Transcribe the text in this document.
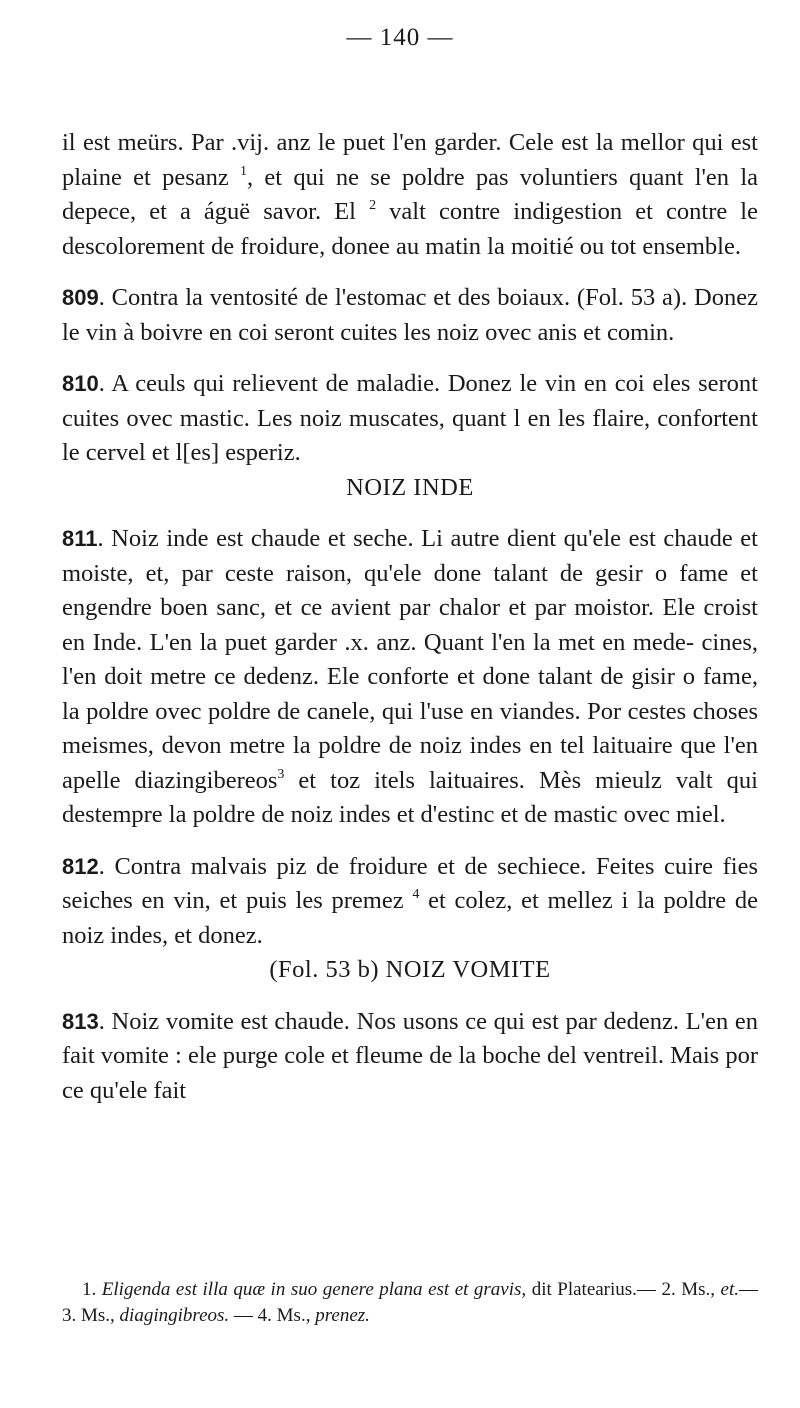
— 140 —

il est meürs. Par .vij. anz le puet l'en garder. Cele est la mellor qui est plaine et pesanz $^1$, et qui ne se poldre pas voluntiers quant l'en la depece, et a águë savor. El $^2$ valt contre indigestion et contre le descolorement de froidure, donee au matin la moitié ou tot ensemble.

809. Contra la ventosité de l'estomac et des boiaux. (Fol. 53 a). Donez le vin à boivre en coi seront cuites les noiz ovec anis et comin.

810. A ceuls qui relievent de maladie. Donez le vin en coi eles seront cuites ovec mastic. Les noiz muscates, quant l en les flaire, confortent le cervel et l[es] esperiz.

NOIZ INDE

811. Noiz inde est chaude et seche. Li autre dient qu'ele est chaude et moiste, et, par ceste raison, qu'ele done talant de gesir o fame et engendre boen sanc, et ce avient par chalor et par moistor. Ele croist en Inde. L'en la puet garder .x. anz. Quant l'en la met en mede- cines, l'en doit metre ce dedenz. Ele conforte et done talant de gisir o fame, la poldre ovec poldre de canele, qui l'use en viandes. Por cestes choses meismes, devon metre la poldre de noiz indes en tel laituaire que l'en apelle diazingibereos$^3$ et toz itels laituaires. Mès mieulz valt qui destempre la poldre de noiz indes et d'estinc et de mastic ovec miel.

812. Contra malvais piz de froidure et de sechiece. Feites cuire fies seiches en vin, et puis les premez $^4$ et colez, et mellez i la poldre de noiz indes, et donez.

(Fol. 53 b) NOIZ VOMITE

813. Noiz vomite est chaude. Nos usons ce qui est par dedenz. L'en en fait vomite : ele purge cole et fleume de la boche del ventreil. Mais por ce qu'ele fait

1. Eligenda est illa quæ in suo genere plana est et gravis, dit Platearius.— 2. Ms., et.— 3. Ms., diagingibreos. — 4. Ms., prenez.
